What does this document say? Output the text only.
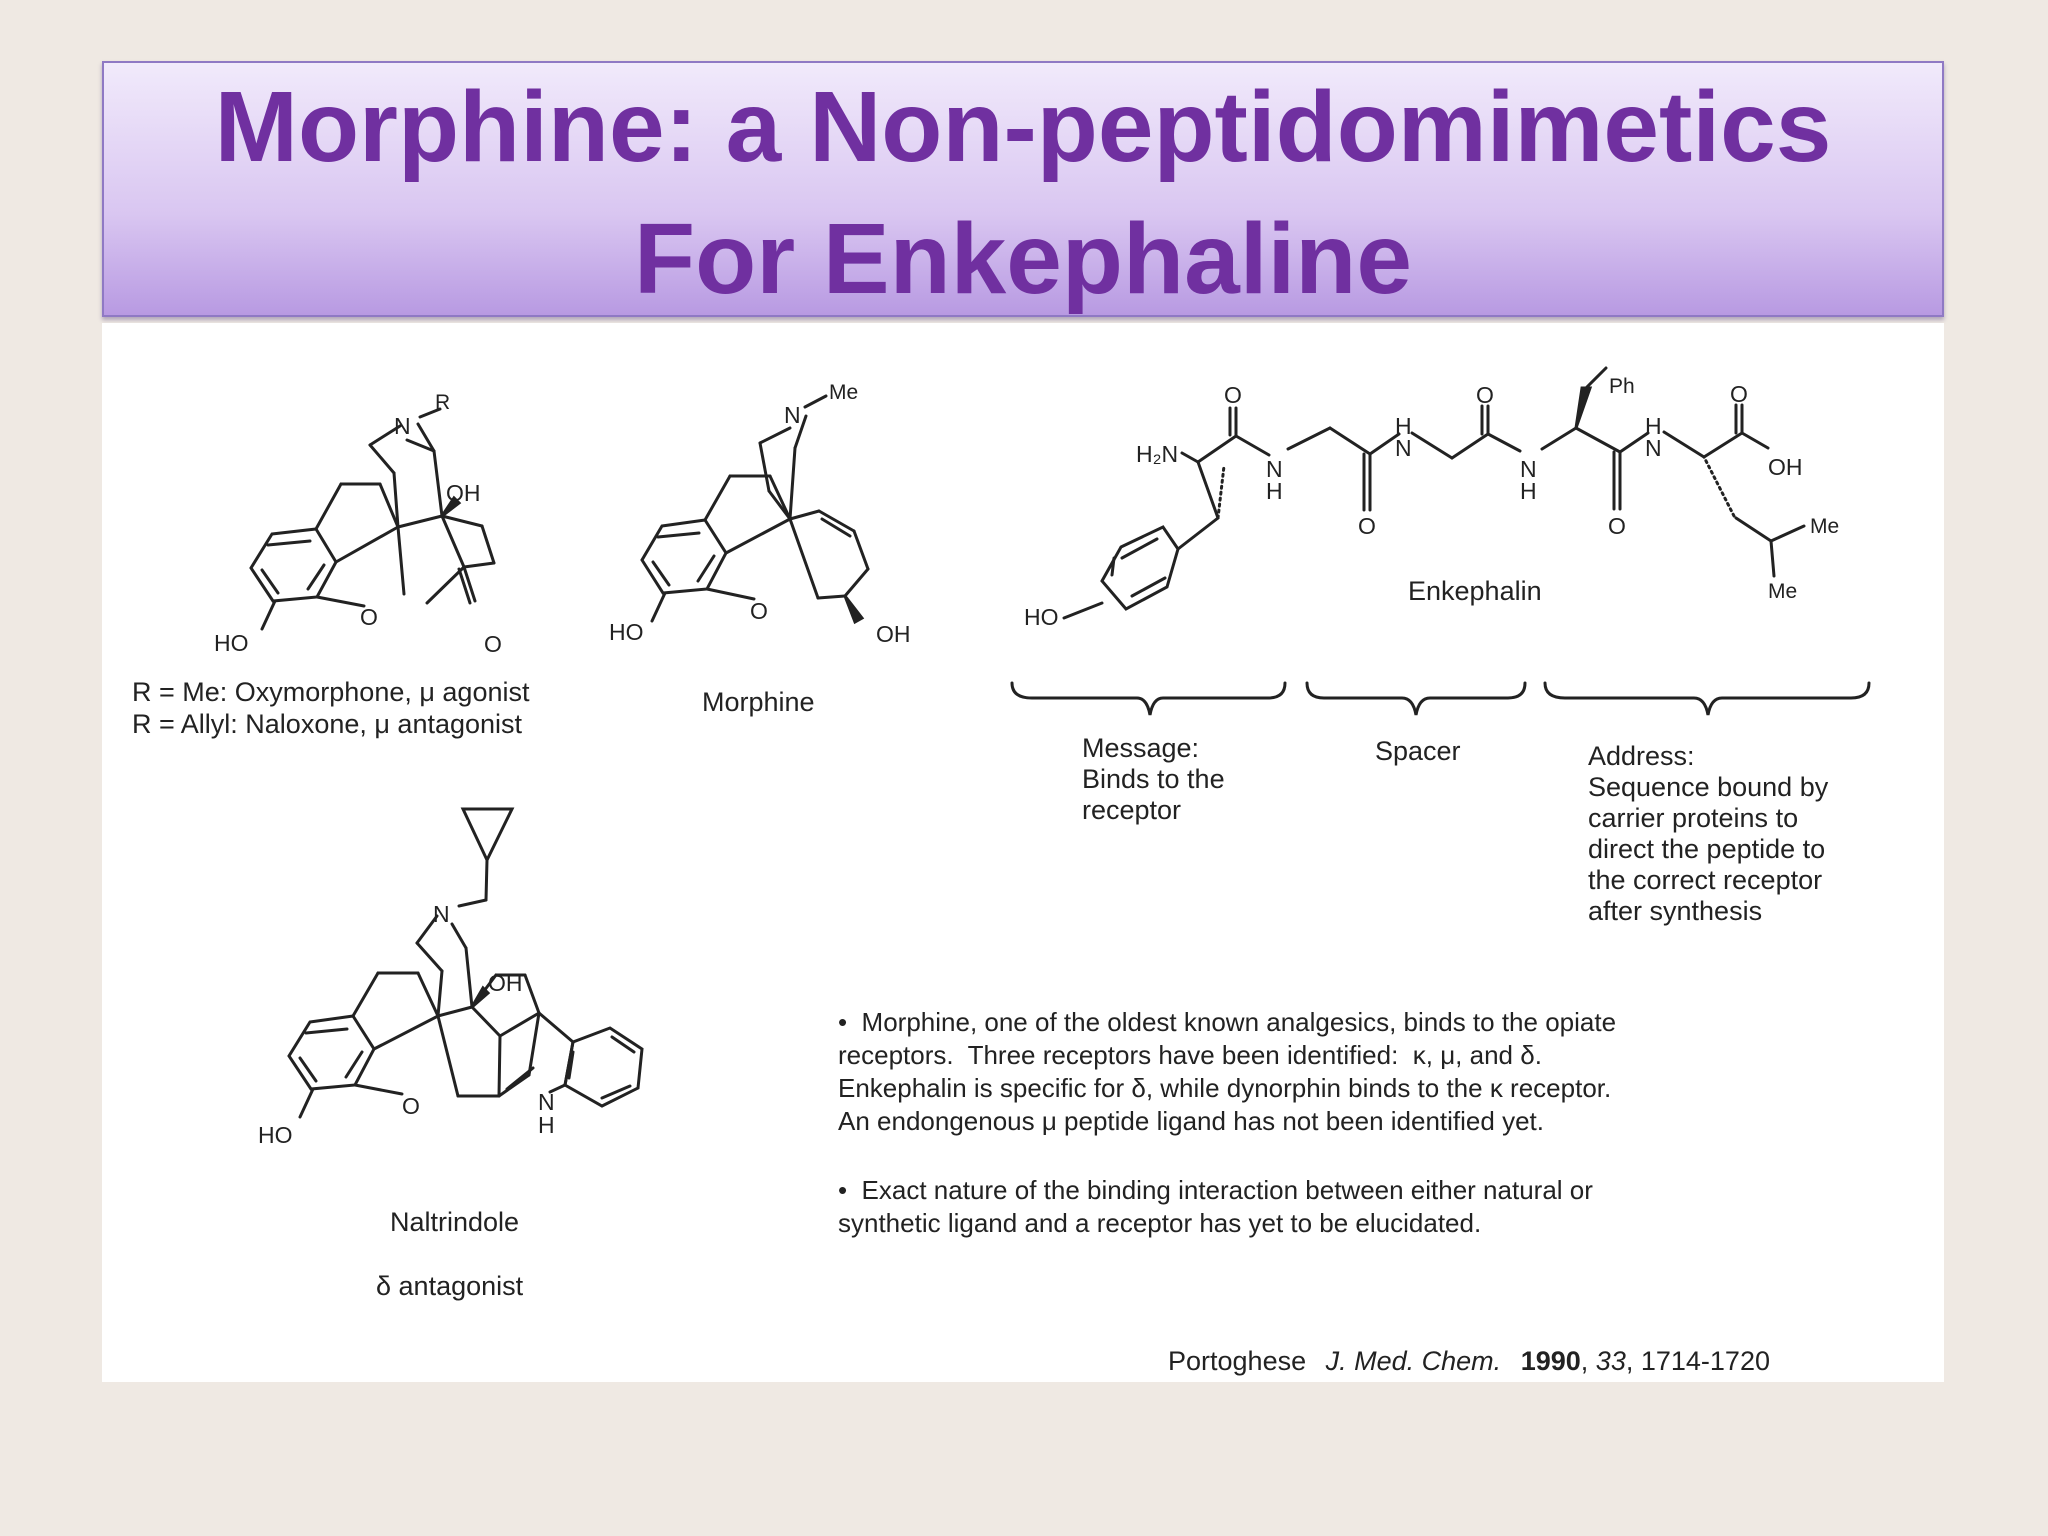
Morphine: a Non-peptidomimetics
For Enkephaline
N
R
OH
HO
O
O
N
Me
HO
O
OH
N
OH
HO
O	N
H
H₂N
HO
O
N
H
O
H
N
O
N
H
O
Ph
H
N
O
OH
Me
Me
R = Me: Oxymorphone, μ agonist
R = Allyl: Naloxone, μ antagonist
Morphine
Enkephalin
Naltrindole
δ antagonist
Message:
Binds to the
receptor
Spacer	Address:
Sequence bound by
carrier proteins to
direct the peptide to
the correct receptor
after synthesis
•  Morphine, one of the oldest known analgesics, binds to the opiate
receptors.  Three receptors have been identified:  κ, μ, and δ.
Enkephalin is specific for δ, while dynorphin binds to the κ receptor.
An endongenous μ peptide ligand has not been identified yet.
•  Exact nature of the binding interaction between either natural or
synthetic ligand and a receptor has yet to be elucidated.
Portoghese J. Med. Chem. 1990, 33, 1714-1720
